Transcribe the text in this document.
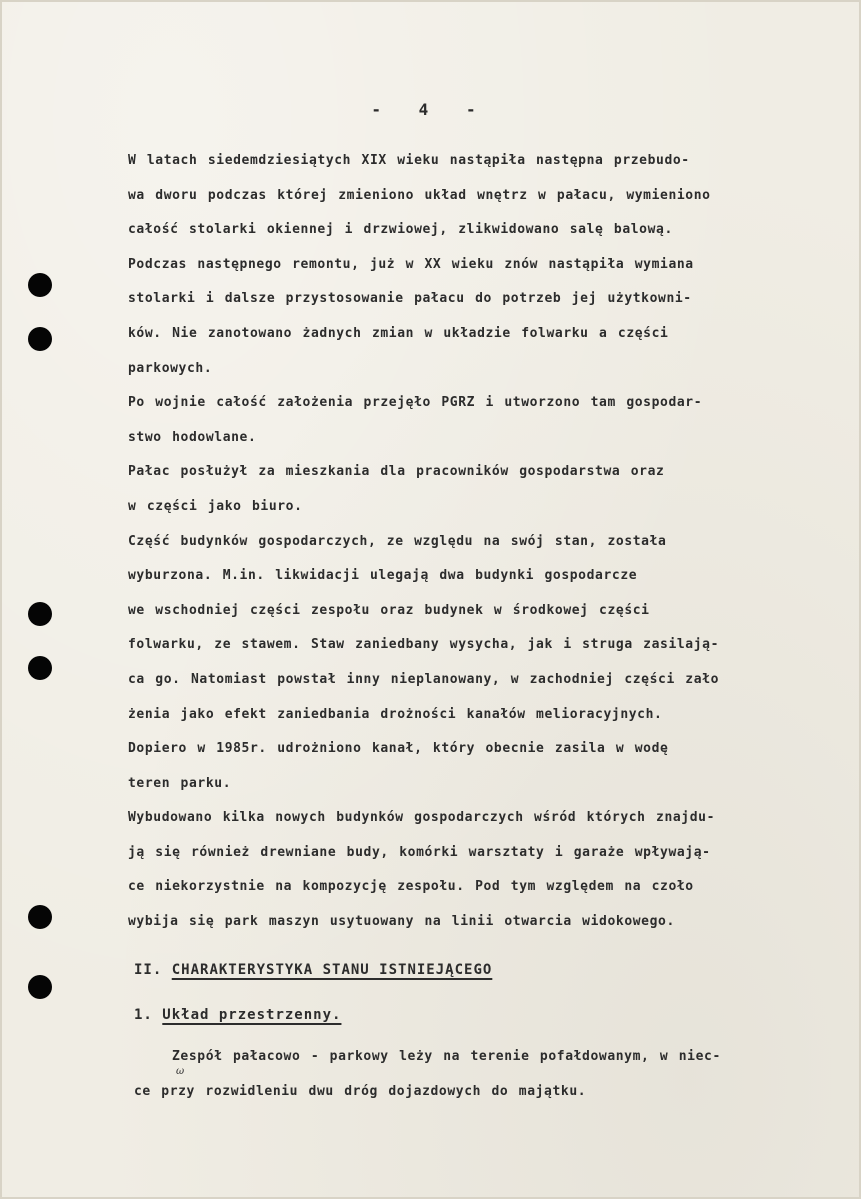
- 4 -
W latach siedemdziesiątych XIX wieku nastąpiła następna przebudo-
wa dworu podczas której zmieniono układ wnętrz w pałacu, wymieniono
całość stolarki okiennej i drzwiowej, zlikwidowano salę balową.
Podczas następnego remontu, już w XX wieku znów nastąpiła wymiana
stolarki i dalsze przystosowanie pałacu do potrzeb jej użytkowni-
ków. Nie zanotowano żadnych zmian w układzie folwarku a części
parkowych.
Po wojnie całość założenia przejęło PGRZ i utworzono tam gospodar-
stwo hodowlane.
Pałac posłużył za mieszkania dla pracowników gospodarstwa oraz
w części jako biuro.
Część budynków gospodarczych, ze względu na swój stan, została
wyburzona. M.in. likwidacji ulegają dwa budynki gospodarcze
we wschodniej części zespołu oraz budynek w środkowej części
folwarku, ze stawem. Staw zaniedbany wysycha, jak i struga zasilają-
ca go. Natomiast powstał inny nieplanowany, w zachodniej części zało
żenia jako efekt zaniedbania drożności kanałów melioracyjnych.
Dopiero w 1985r. udrożniono kanał, który obecnie zasila w wodę
teren parku.
Wybudowano kilka nowych budynków gospodarczych wśród których znajdu-
ją się również drewniane budy, komórki warsztaty i garaże wpływają-
ce niekorzystnie na kompozycję zespołu. Pod tym względem na czoło
wybija się park maszyn usytuowany na linii otwarcia widokowego.
II. CHARAKTERYSTYKA STANU ISTNIEJĄCEGO
1. Układ przestrzenny.
ω
Zespół pałacowo - parkowy leży na terenie pofałdowanym, w niec-
ce przy rozwidleniu dwu dróg dojazdowych do majątku.
